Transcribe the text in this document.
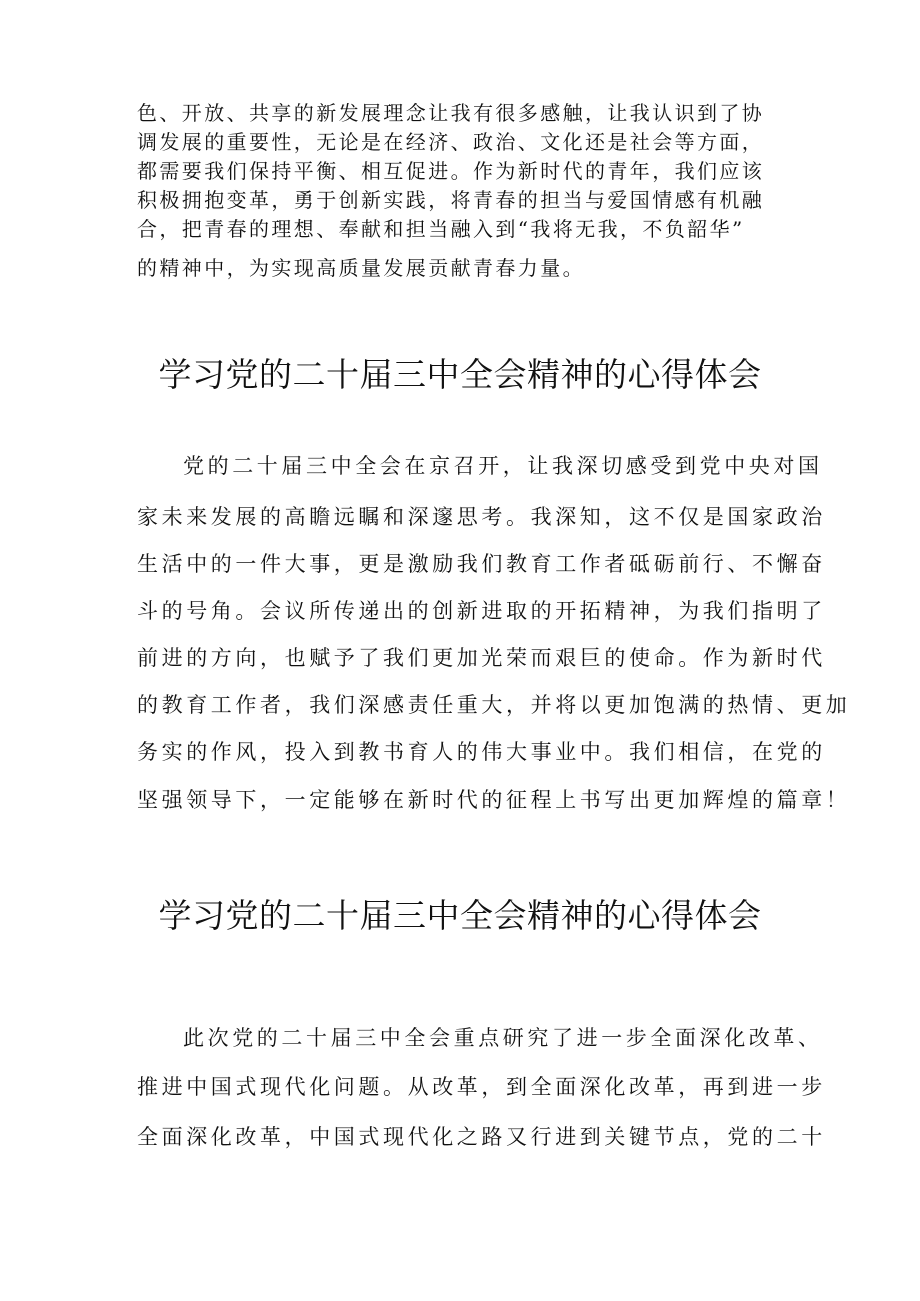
色、开放、共享的新发展理念让我有很多感触，让我认识到了协
调发展的重要性，无论是在经济、政治、文化还是社会等方面，
都需要我们保持平衡、相互促进。作为新时代的青年，我们应该
积极拥抱变革，勇于创新实践，将青春的担当与爱国情感有机融
合，把青春的理想、奉献和担当融入到“我将无我，不负韶华”
的精神中，为实现高质量发展贡献青春力量。
学习党的二十届三中全会精神的心得体会
党的二十届三中全会在京召开，让我深切感受到党中央对国
家未来发展的高瞻远瞩和深邃思考。我深知，这不仅是国家政治
生活中的一件大事，更是激励我们教育工作者砥砺前行、不懈奋
斗的号角。会议所传递出的创新进取的开拓精神，为我们指明了
前进的方向，也赋予了我们更加光荣而艰巨的使命。作为新时代
的教育工作者，我们深感责任重大，并将以更加饱满的热情、更加
务实的作风，投入到教书育人的伟大事业中。我们相信，在党的
坚强领导下，一定能够在新时代的征程上书写出更加辉煌的篇章！
学习党的二十届三中全会精神的心得体会
此次党的二十届三中全会重点研究了进一步全面深化改革、
推进中国式现代化问题。从改革，到全面深化改革，再到进一步
全面深化改革，中国式现代化之路又行进到关键节点，党的二十
